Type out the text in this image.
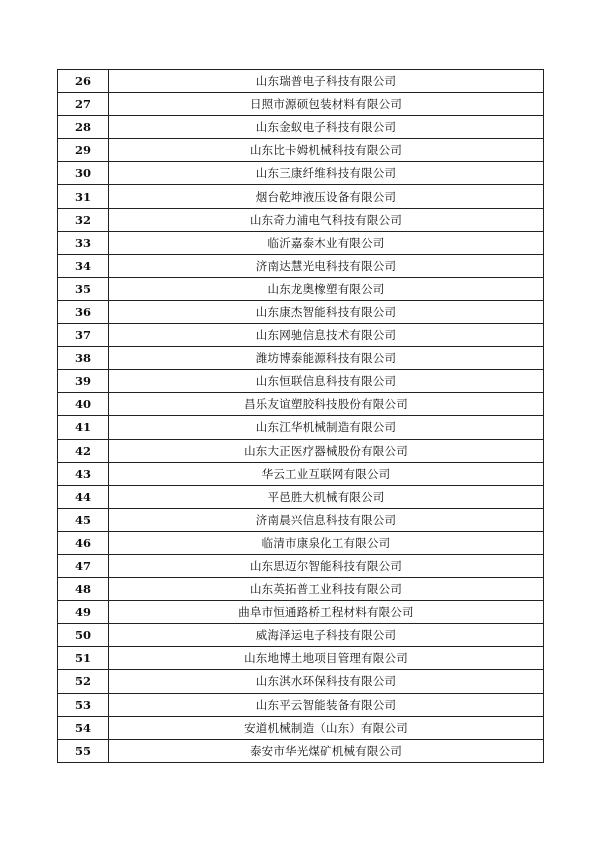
26	山东瑞普电子科技有限公司
27	日照市源硕包装材料有限公司
28	山东金蚁电子科技有限公司
29	山东比卡姆机械科技有限公司
30	山东三康纤维科技有限公司
31	烟台乾坤液压设备有限公司
32	山东奇力浦电气科技有限公司
33	临沂嘉泰木业有限公司
34	济南达慧光电科技有限公司
35	山东龙奥橡塑有限公司
36	山东康杰智能科技有限公司
37	山东网驰信息技术有限公司
38	潍坊博泰能源科技有限公司
39	山东恒联信息科技有限公司
40	昌乐友谊塑胶科技股份有限公司
41	山东江华机械制造有限公司
42	山东大正医疗器械股份有限公司
43	华云工业互联网有限公司
44	平邑胜大机械有限公司
45	济南晨兴信息科技有限公司
46	临清市康泉化工有限公司
47	山东思迈尔智能科技有限公司
48	山东英拓普工业科技有限公司
49	曲阜市恒通路桥工程材料有限公司
50	威海泽运电子科技有限公司
51	山东地博土地项目管理有限公司
52	山东淇水环保科技有限公司
53	山东平云智能装备有限公司
54	安道机械制造（山东）有限公司
55	泰安市华光煤矿机械有限公司
